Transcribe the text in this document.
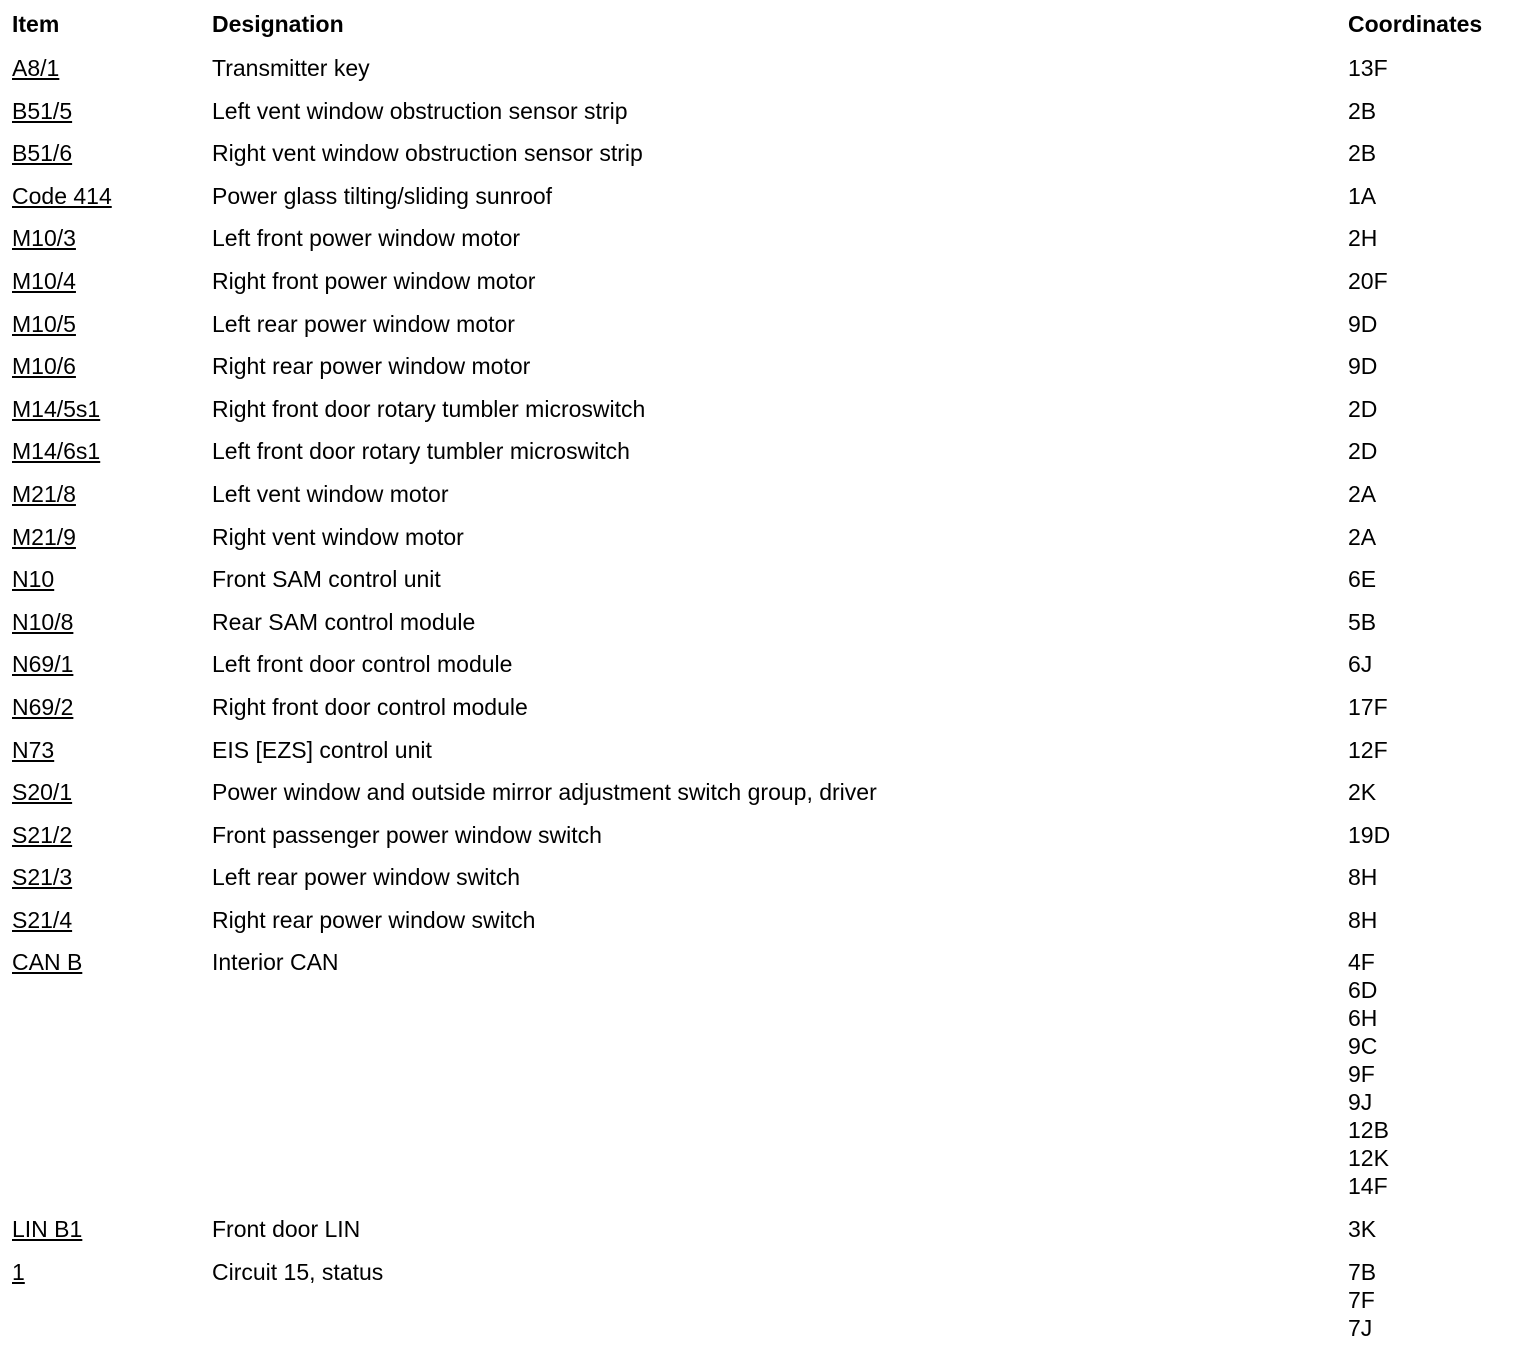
Item	Designation	Coordinates
A8/1	Transmitter key	13F
B51/5	Left vent window obstruction sensor strip	2B
B51/6	Right vent window obstruction sensor strip	2B
Code 414	Power glass tilting/sliding sunroof	1A
M10/3	Left front power window motor	2H
M10/4	Right front power window motor	20F
M10/5	Left rear power window motor	9D
M10/6	Right rear power window motor	9D
M14/5s1	Right front door rotary tumbler microswitch	2D
M14/6s1	Left front door rotary tumbler microswitch	2D
M21/8	Left vent window motor	2A
M21/9	Right vent window motor	2A
N10	Front SAM control unit	6E
N10/8	Rear SAM control module	5B
N69/1	Left front door control module	6J
N69/2	Right front door control module	17F
N73	EIS [EZS] control unit	12F
S20/1	Power window and outside mirror adjustment switch group, driver	2K
S21/2	Front passenger power window switch	19D
S21/3	Left rear power window switch	8H
S21/4	Right rear power window switch	8H
CAN B	Interior CAN	4F
6D
6H
9C
9F
9J
12B
12K
14F
LIN B1	Front door LIN	3K
1	Circuit 15, status	7B
7F
7J
